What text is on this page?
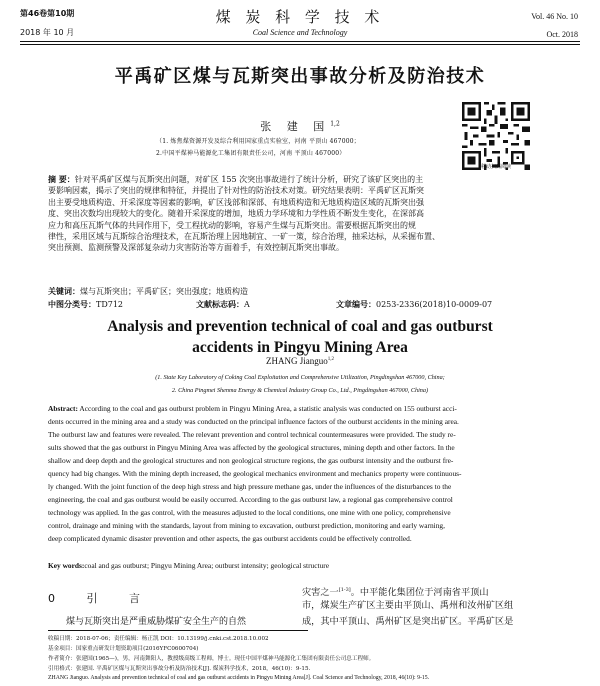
第46卷第10期
2018 年 10 月
煤 炭 科 学 技 术
Coal Science and Technology
Vol. 46 No. 10
Oct. 2018
平禹矿区煤与瓦斯突出事故分析及防治技术
张 建 国$^{1,2}$
（1. 炼焦煤资源开发及综合利用国家重点实验室，河南 平顶山 467000；
2.中国平煤神马能源化工集团有限责任公司，河南 平顶山 467000）
移动扫码阅读

摘 要：针对平禹矿区煤与瓦斯突出问题，对矿区 155 次突出事故进行了统计分析，研究了该矿区突出的主

要影响因素，揭示了突出的规律和特征，并提出了针对性的防治技术对策。研究结果表明：平禹矿区瓦斯突

出主要受地质构造、开采深度等因素的影响，矿区浅部和深部、有地质构造和无地质构造区域的瓦斯突出强

度、突出次数均出现较大的变化。随着开采深度的增加，地质力学环境和力学性质不断发生变化，在深部高

应力和高压瓦斯气体的共同作用下，受工程扰动的影响，容易产生煤与瓦斯突出。需要根据瓦斯突出的规

律性，采用区域与瓦斯综合治理技术，在瓦斯治理上因地制宜、一矿一策，综合治理，抽采达标，从采掘布置、

突出预测、监测预警及深部复杂动力灾害防治等方面着手，有效控制瓦斯突出事故。

关键词：煤与瓦斯突出；平禹矿区；突出强度；地质构造
中图分类号：TD712	文献标志码：A	文章编号：0253-2336(2018)10-0009-07
Analysis and prevention technical of coal and gas outburst
accidents in Pingyu Mining Area
ZHANG Jianguo$^{1,2}$
(1. State Key Laboratory of Coking Coal Exploitation and Comprehensive Utilization, Pingdingshan 467000, China;
2. China Pingmei Shenma Energy & Chemical Industry Group Co., Ltd., Pingdingshan 467000, China)

Abstract: According to the coal and gas outburst problem in Pingyu Mining Area, a statistic analysis was conducted on 155 outburst acci-

dents occurred in the mining area and a study was conducted on the principal influence factors of the outburst accidents in the mining area.

The outburst law and features were revealed. The relevant prevention and control technical countermeasures were provided. The study re-

sults showed that the gas outburst in Pingyu Mining Area was affected by the geological structures, mining depth and other factors. In the

shallow and deep depth and the geological structures and non geological structure regions, the gas outburst intensity and the outburst fre-

quency had big changes. With the mining depth increased, the geological mechanics environment and mechanics property were continuous-

ly changed. With the joint function of the deep high stress and high pressure methane gas, under the influences of the disturbances to the

engineering, the coal and gas outburst would be easily occurred. According to the gas outburst law, a regional gas comprehensive control

technology was applied. In the gas control, with the measures adjusted to the local conditions, one mine with one policy, comprehensive

control, drainage and mining with the standards, layout from mining to excavation, outburst prediction, monitoring and early warning,

deep complicated dynamic disaster prevention and other aspects, the gas outburst accidents could be effectively controlled.

Key words:coal and gas outburst; Pingyu Mining Area; outburst intensity; geological structure
0 引 言
煤与瓦斯突出是严重威胁煤矿安全生产的自然

灾害之一[1-3]。中平能化集团位于河南省平顶山

市，煤炭生产矿区主要由平顶山、禹州和汝州矿区组

成，其中平顶山、禹州矿区是突出矿区。平禹矿区是

收稿日期：2018-07-06；责任编辑：杨正凯 DOI：10.13199/j.cnki.cst.2018.10.002
基金项目：国家重点研发计划资助项目(2016YFC0600704)
作者简介：张建国(1965—)，男，河南舞阳人，教授级高级工程师，博士。现任中国平煤神马能源化工集团有限责任公司总工程师。
引用格式：张建国. 平禹矿区煤与瓦斯突出事故分析及防治技术[J]. 煤炭科学技术，2018，46(10)：9-15.
ZHANG Jianguo. Analysis and prevention technical of coal and gas outburst accidents in Pingyu Mining Area[J]. Coal Science and Technology, 2018, 46(10): 9-15.
